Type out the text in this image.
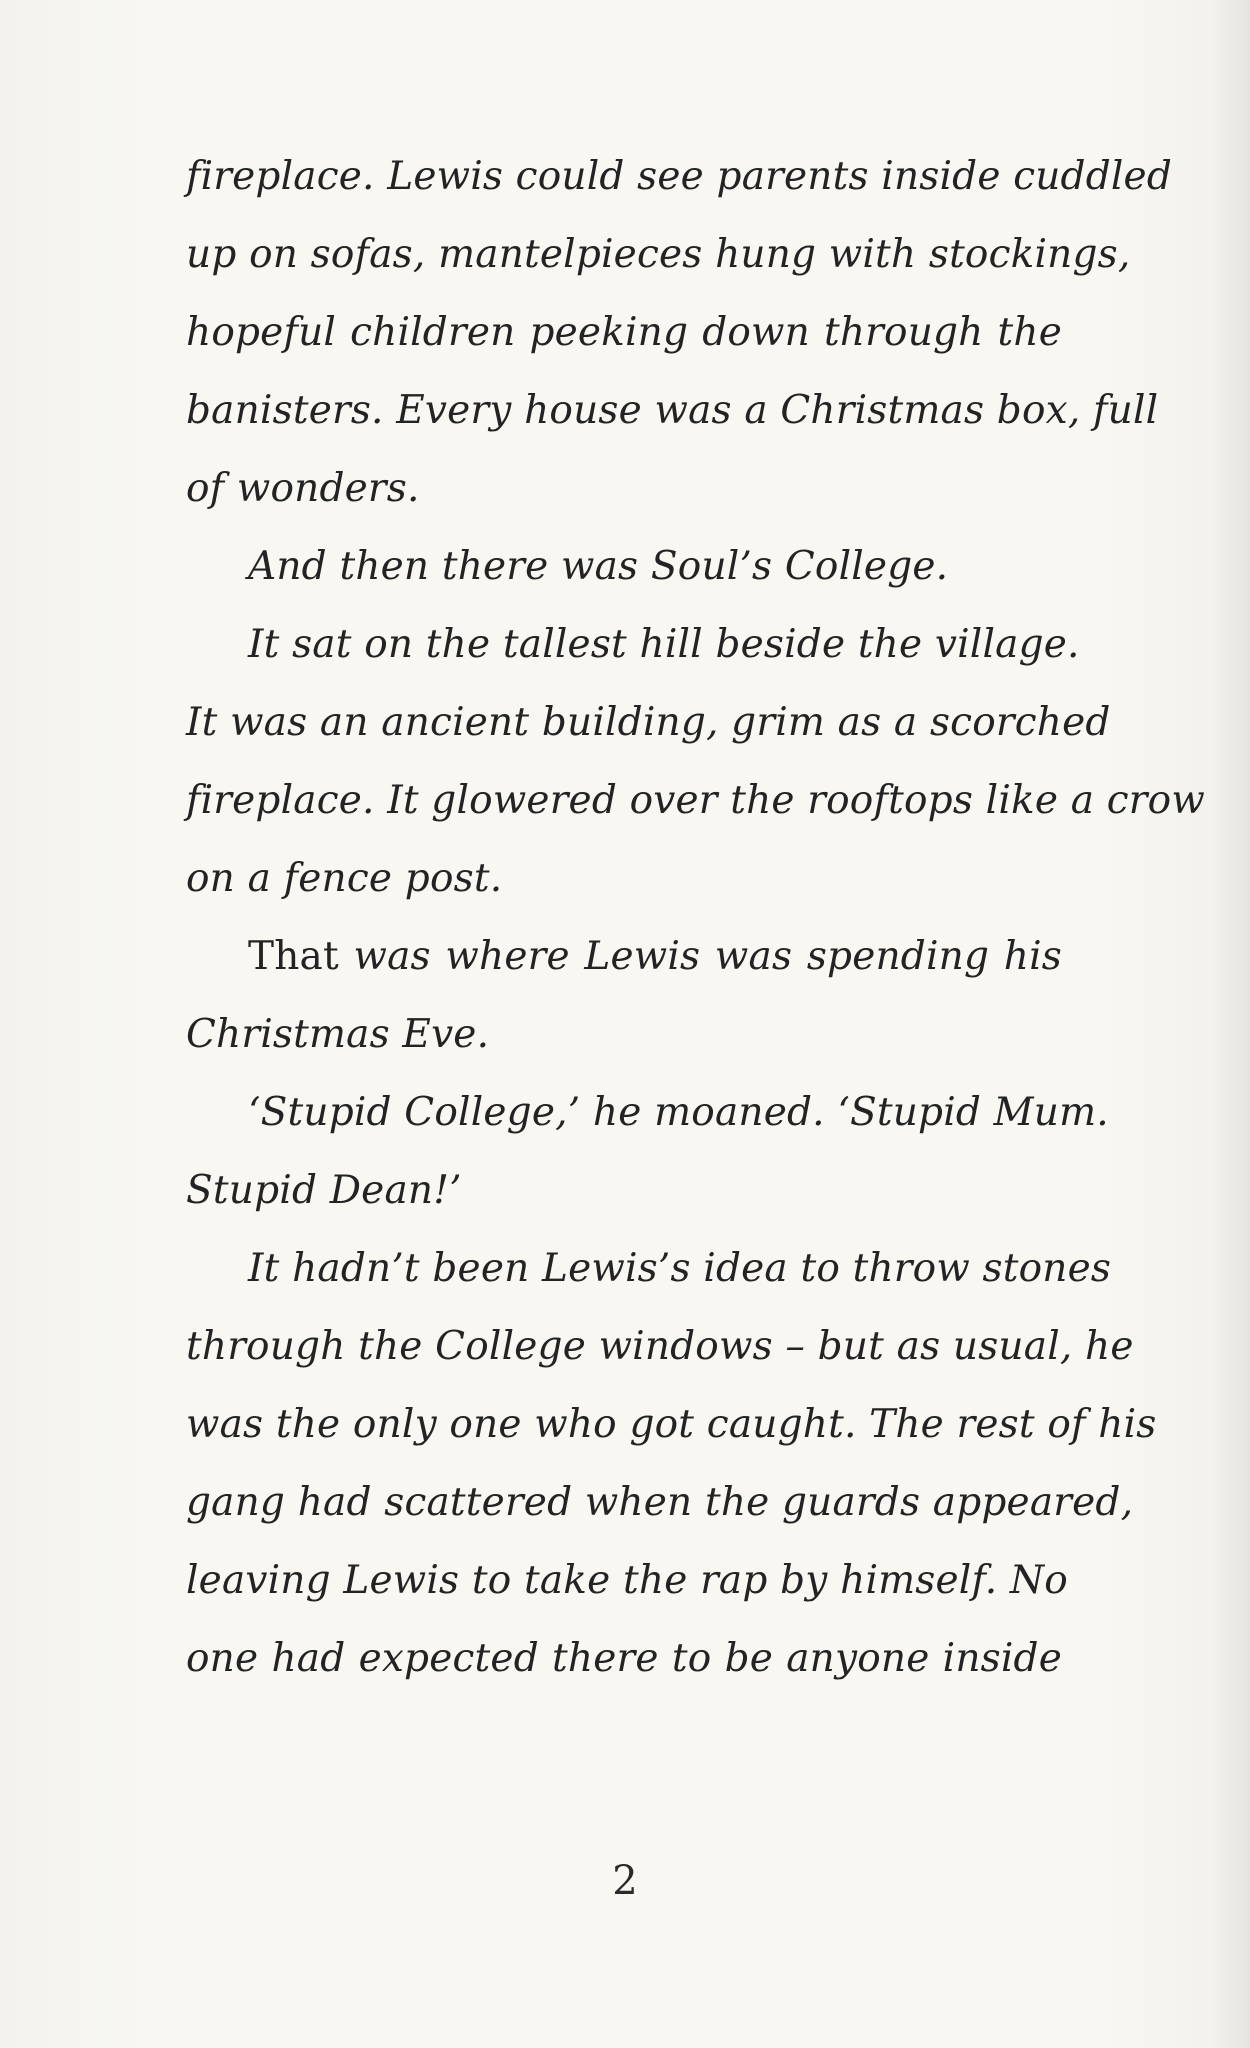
fireplace. Lewis could see parents inside cuddled
up on sofas, mantelpieces hung with stockings,
hopeful children peeking down through the
banisters. Every house was a Christmas box, full
of wonders.
And then there was Soul’s College.
It sat on the tallest hill beside the village.
It was an ancient building, grim as a scorched
fireplace. It glowered over the rooftops like a crow
on a fence post.
That was where Lewis was spending his
Christmas Eve.
‘Stupid College,’ he moaned. ‘Stupid Mum.
Stupid Dean!’
It hadn’t been Lewis’s idea to throw stones
through the College windows – but as usual, he
was the only one who got caught. The rest of his
gang had scattered when the guards appeared,
leaving Lewis to take the rap by himself. No
one had expected there to be anyone inside
2
